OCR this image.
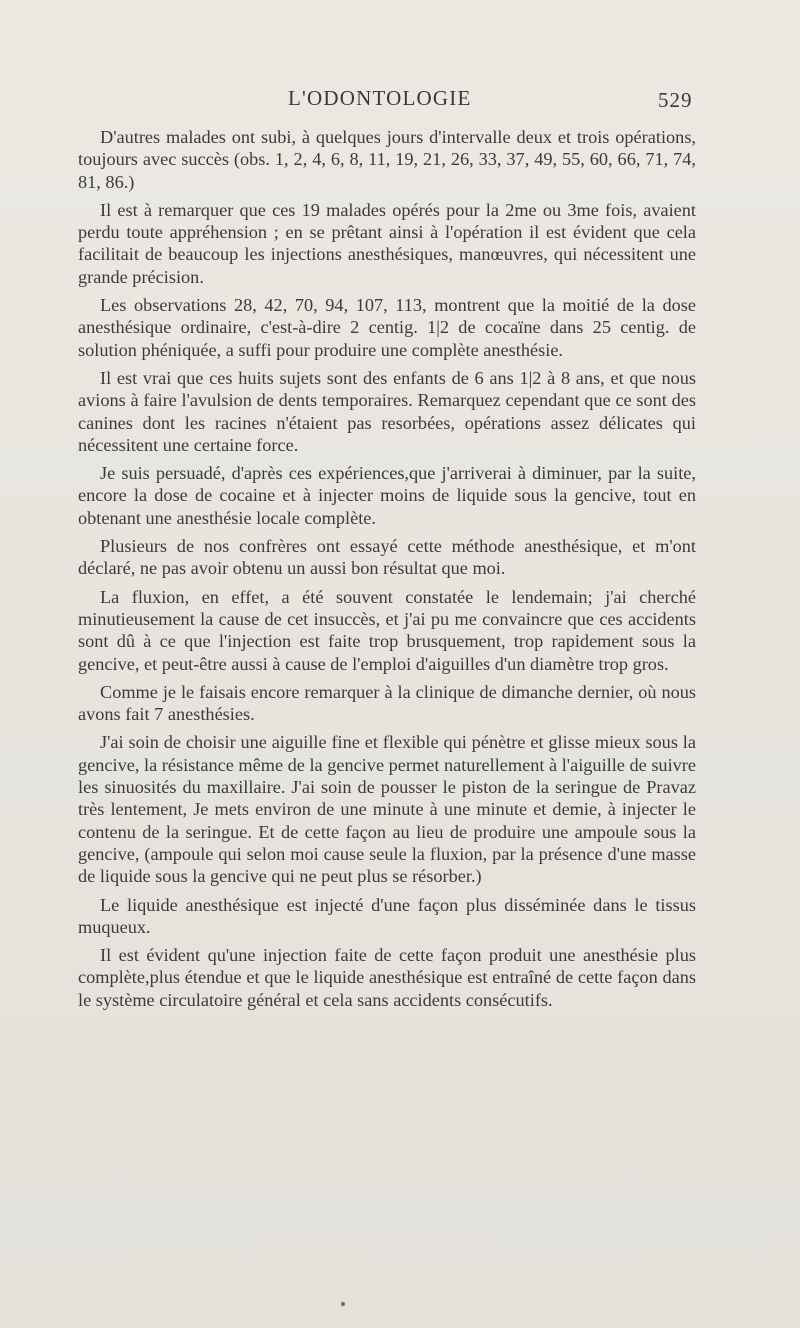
L'ODONTOLOGIE	529

D'autres malades ont subi, à quelques jours d'intervalle deux et trois opérations, toujours avec succès (obs. 1, 2, 4, 6, 8, 11, 19, 21, 26, 33, 37, 49, 55, 60, 66, 71, 74, 81, 86.)

Il est à remarquer que ces 19 malades opérés pour la 2me ou 3me fois, avaient perdu toute appréhension ; en se prêtant ainsi à l'opération il est évident que cela facilitait de beaucoup les injections anesthésiques, manœuvres, qui nécessitent une grande précision.

Les observations 28, 42, 70, 94, 107, 113, montrent que la moitié de la dose anesthésique ordinaire, c'est-à-dire 2 centig. 1|2 de cocaïne dans 25 centig. de solution phéniquée, a suffi pour produire une complète anesthésie.

Il est vrai que ces huits sujets sont des enfants de 6 ans 1|2 à 8 ans, et que nous avions à faire l'avulsion de dents temporaires. Remarquez cependant que ce sont des canines dont les racines n'étaient pas resorbées, opérations assez délicates qui nécessitent une certaine force.

Je suis persuadé, d'après ces expériences,que j'arriverai à diminuer, par la suite, encore la dose de cocaine et à injecter moins de liquide sous la gencive, tout en obtenant une anesthésie locale complète.

Plusieurs de nos confrères ont essayé cette méthode anesthésique, et m'ont déclaré, ne pas avoir obtenu un aussi bon résultat que moi.

La fluxion, en effet, a été souvent constatée le lendemain; j'ai cherché minutieusement la cause de cet insuccès, et j'ai pu me convaincre que ces accidents sont dû à ce que l'injection est faite trop brusquement, trop rapidement sous la gencive, et peut-être aussi à cause de l'emploi d'aiguilles d'un diamètre trop gros.

Comme je le faisais encore remarquer à la clinique de dimanche dernier, où nous avons fait 7 anesthésies.

J'ai soin de choisir une aiguille fine et flexible qui pénètre et glisse mieux sous la gencive, la résistance même de la gencive permet naturellement à l'aiguille de suivre les sinuosités du maxillaire. J'ai soin de pousser le piston de la seringue de Pravaz très lentement, Je mets environ de une minute à une minute et demie, à injecter le contenu de la seringue. Et de cette façon au lieu de produire une ampoule sous la gencive, (ampoule qui selon moi cause seule la fluxion, par la présence d'une masse de liquide sous la gencive qui ne peut plus se résorber.)

Le liquide anesthésique est injecté d'une façon plus disséminée dans le tissus muqueux.

Il est évident qu'une injection faite de cette façon produit une anesthésie plus complète,plus étendue et que le liquide anesthésique est entraîné de cette façon dans le système circulatoire général et cela sans accidents consécutifs.
